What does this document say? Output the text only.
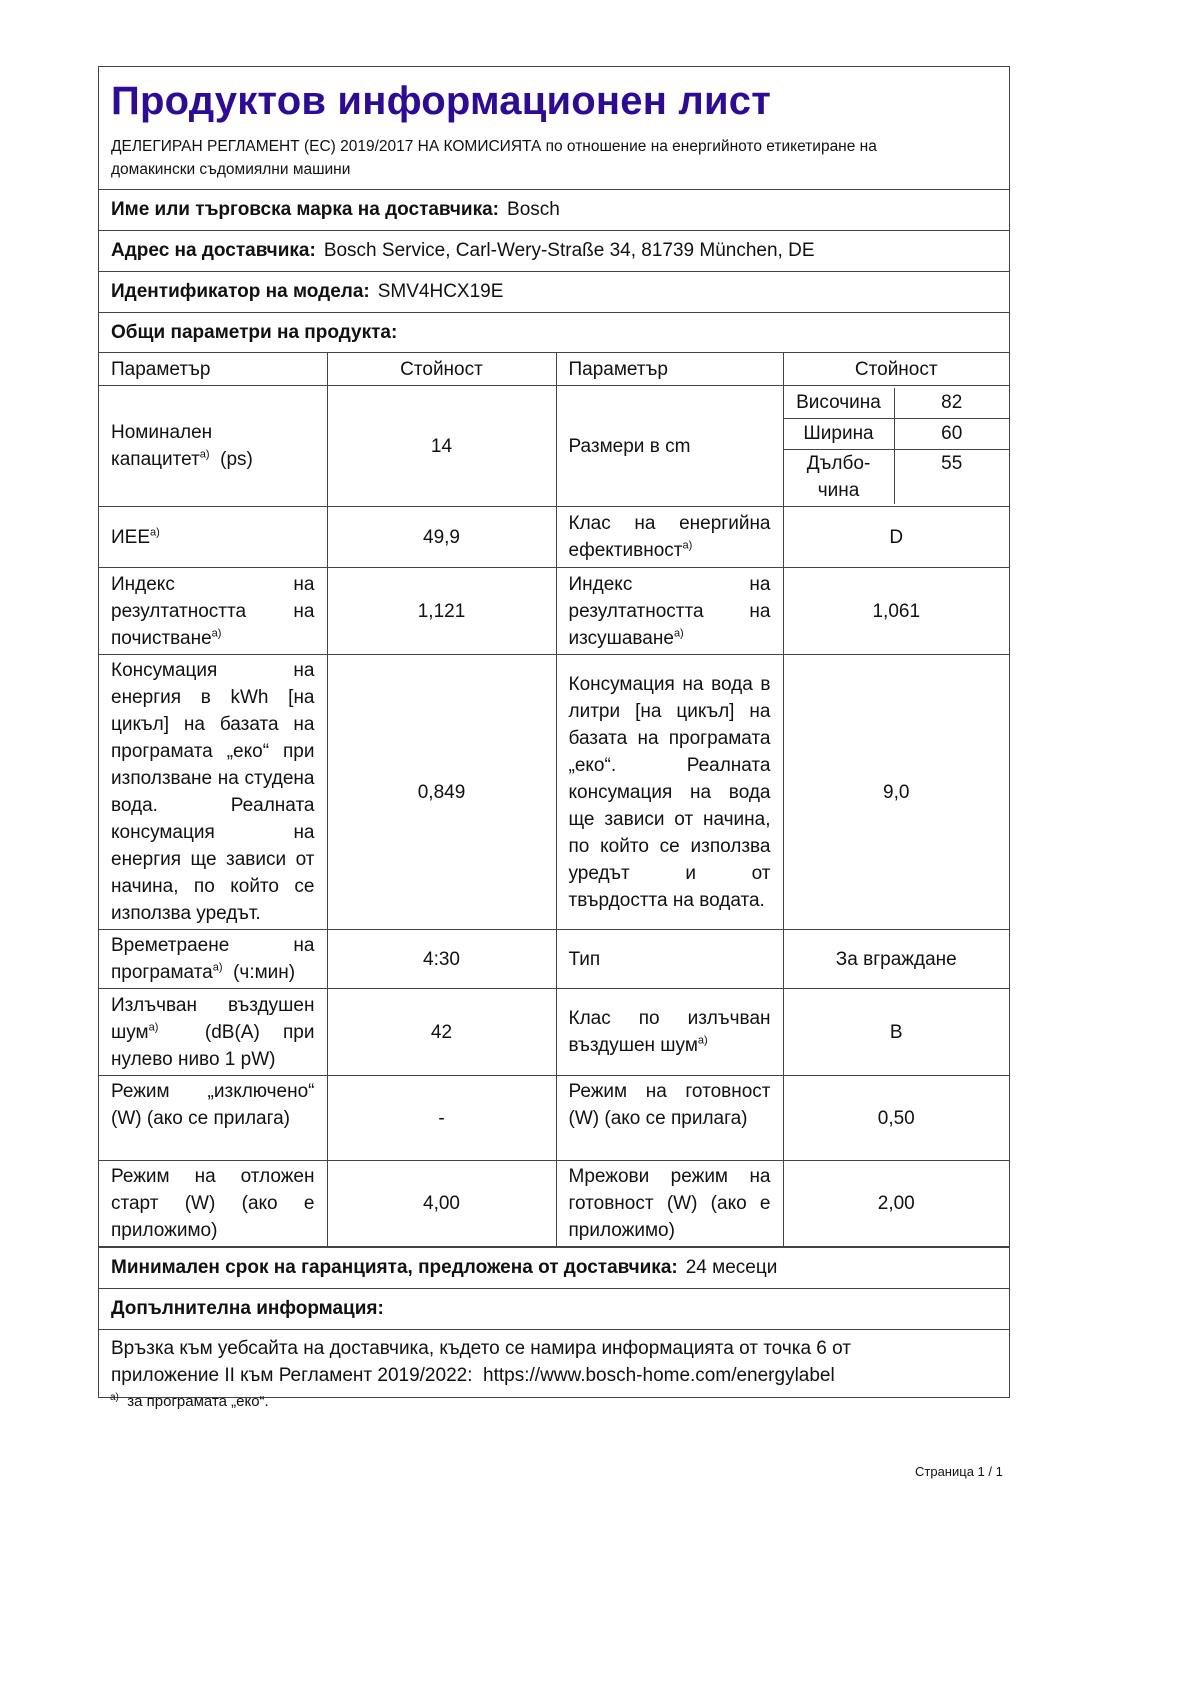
Продуктов информационен лист
ДЕЛЕГИРАН РЕГЛАМЕНТ (ЕС) 2019/2017 НА КОМИСИЯТА по отношение на енергийното етикетиране на
домакински съдомиялни машини
Име или търговска марка на доставчика: Bosch
Адрес на доставчика: Bosch Service, Carl-Wery-Straße 34, 81739 München, DE
Идентификатор на модела: SMV4HCX19E
Общи параметри на продукта:
Параметър	Стойност	Параметър	Стойност
Номинален капацитет$^{a)}$ (ps)	14	Размери в cm	
Височина	82
Ширина	60
Дълбо- чина	55

ИЕЕ$^{a)}$	49,9	Клас на енергийна ефективност$^{a)}$	D
Индекс на резултатността на почистване$^{a)}$	1,121	Индекс на резултатността на изсушаване$^{a)}$	1,061
Консумация на енергия в kWh [на цикъл] на базата на програмата „еко“ при използване на студена вода. Реалната консумация на енергия ще зависи от начина, по който се използва уредът.	0,849	Консумация на вода в литри [на цикъл] на базата на програмата „еко“. Реалната консумация на вода ще зависи от начина, по който се използва уредът и от твърдостта на водата.	9,0
Времетраене на програмата$^{a)}$ (ч:мин)	4:30	Тип	За вграждане
Излъчван въздушен шум$^{a)}$ (dB(A) при нулево ниво 1 pW)	42	Клас по излъчван въздушен шум$^{a)}$	B
Режим „изключено“ (W) (ако се прилага)	-	Режим на готовност (W) (ако се прилага)	0,50
Режим на отложен старт (W) (ако е приложимо)	4,00	Мрежови режим на готовност (W) (ако е приложимо)	2,00
Минимален срок на гаранцията, предложена от доставчика: 24 месеци
Допълнителна информация:
Връзка към уебсайта на доставчика, където се намира информацията от точка 6 от
приложение II към Регламент 2019/2022: https://www.bosch-home.com/energylabel
$^{a)}$ за програмата „еко“.
Страница 1 / 1
